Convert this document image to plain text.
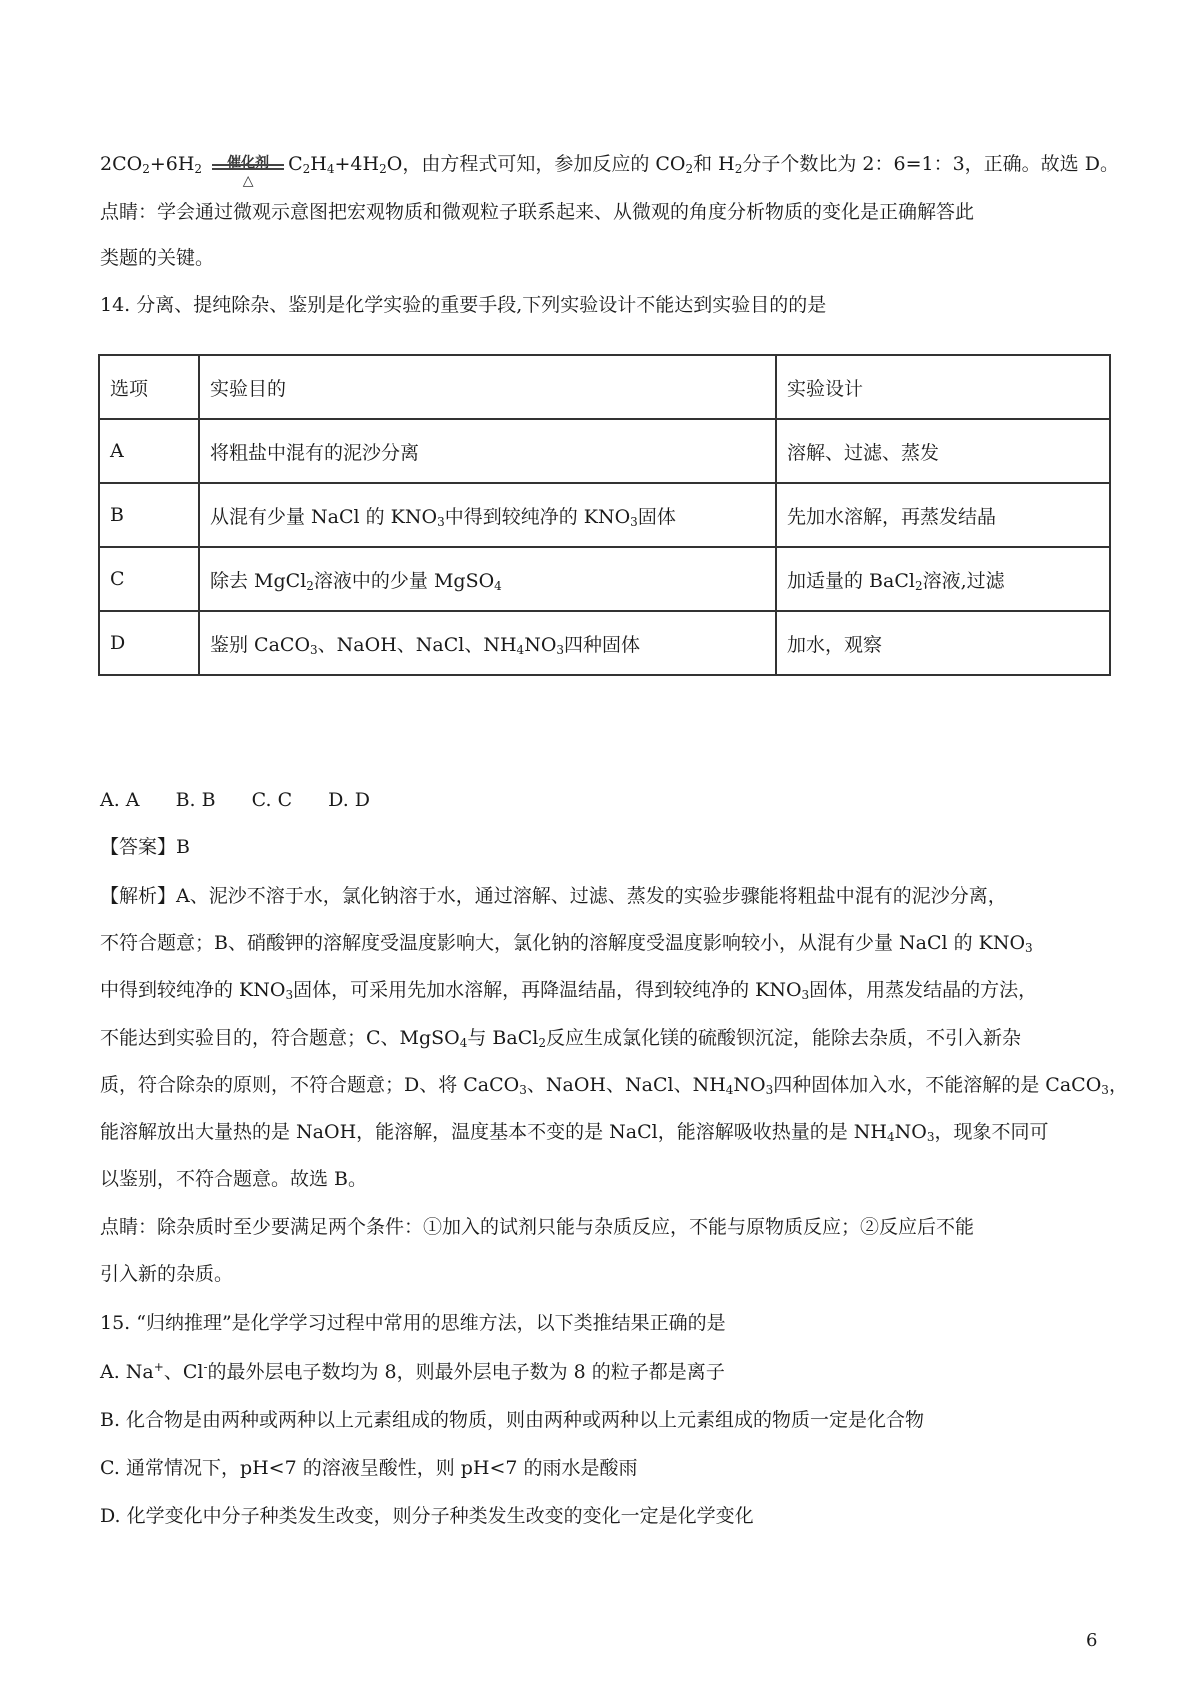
$2CO_2+6H_2$	催化剂
△
$C_2H_4+4H_2O$，由方程式可知，参加反应的 $CO_2$和 $H_2$分子个数比为 2：6=1：3，正确。故选 D。
点睛：学会通过微观示意图把宏观物质和微观粒子联系起来、从微观的角度分析物质的变化是正确解答此
类题的关键。
14. 分离、提纯除杂、鉴别是化学实验的重要手段,下列实验设计不能达到实验目的的是
选项	实验目的	实验设计
A	将粗盐中混有的泥沙分离	溶解、过滤、蒸发
B	从混有少量 NaCl 的 $KNO_3$中得到较纯净的 $KNO_3$固体	先加水溶解，再蒸发结晶
C	除去 MgCl$_2$溶液中的少量 MgSO$_4$	加适量的 BaCl$_2$溶液,过滤
D	鉴别 CaCO$_3$、NaOH、NaCl、$NH_4NO_3$四种固体	加水，观察
A. A B. B C. C D. D
【答案】B
【解析】A、泥沙不溶于水，氯化钠溶于水，通过溶解、过滤、蒸发的实验步骤能将粗盐中混有的泥沙分离，
不符合题意；B、硝酸钾的溶解度受温度影响大，氯化钠的溶解度受温度影响较小，从混有少量 NaCl 的 $KNO_3$
中得到较纯净的 $KNO_3$固体，可采用先加水溶解，再降温结晶，得到较纯净的 $KNO_3$固体，用蒸发结晶的方法，
不能达到实验目的，符合题意；C、MgSO$_4$与 BaCl$_2$反应生成氯化镁的硫酸钡沉淀，能除去杂质，不引入新杂
质，符合除杂的原则，不符合题意；D、将 CaCO$_3$、NaOH、NaCl、$NH_4NO_3$四种固体加入水，不能溶解的是 CaCO$_3$，
能溶解放出大量热的是 NaOH，能溶解，温度基本不变的是 NaCl，能溶解吸收热量的是 $NH_4NO_3$，现象不同可
以鉴别，不符合题意。故选 B。
点睛：除杂质时至少要满足两个条件：①加入的试剂只能与杂质反应，不能与原物质反应；②反应后不能
引入新的杂质。
15. “归纳推理”是化学学习过程中常用的思维方法，以下类推结果正确的是
A. Na+、Cl-的最外层电子数均为 8，则最外层电子数为 8 的粒子都是离子
B. 化合物是由两种或两种以上元素组成的物质，则由两种或两种以上元素组成的物质一定是化合物
C. 通常情况下，pH<7 的溶液呈酸性，则 pH<7 的雨水是酸雨
D. 化学变化中分子种类发生改变，则分子种类发生改变的变化一定是化学变化
6
